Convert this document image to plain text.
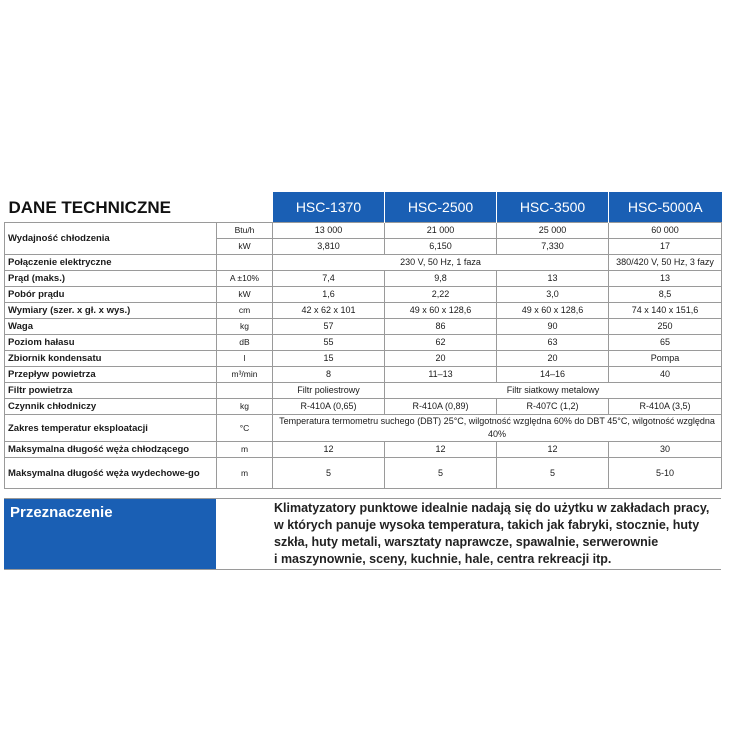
DANE TECHNICZNE		HSC-1370	HSC-2500	HSC-3500	HSC-5000A
Wydajność chłodzenia	Btu/h	13 000	21 000	25 000	60 000
	kW	3,810	6,150	7,330	17
Połączenie elektryczne		230 V, 50 Hz, 1 faza			380/420 V, 50 Hz, 3 fazy
Prąd (maks.)	A ±10%	7,4	9,8	13	13
Pobór prądu	kW	1,6	2,22	3,0	8,5
Wymiary (szer. x gł. x wys.)	cm	42 x 62 x 101	49 x 60 x 128,6	49 x 60 x 128,6	74 x 140 x 151,6
Waga	kg	57	86	90	250
Poziom hałasu	dB	55	62	63	65
Zbiornik kondensatu	l	15	20	20	Pompa
Przepływ powietrza	m³/min	8	11–13	14–16	40
Filtr powietrza		Filtr poliestrowy	Filtr siatkowy metalowy		
Czynnik chłodniczy	kg	R-410A (0,65)	R-410A (0,89)	R-407C (1,2)	R-410A (3,5)
Zakres temperatur eksploatacji	°C	Temperatura termometru suchego (DBT) 25°C, wilgotność względna 60% do DBT 45°C, wilgotność względna 40%			
Maksymalna długość węża chłodzącego	m	12	12	12	30
Maksymalna długość węża wydechowe-go	m	5	5	5	5-10
Przeznaczenie	Klimatyzatory punktowe idealnie nadają się do użytku w zakładach pracy,
w których panuje wysoka temperatura, takich jak fabryki, stocznie, huty
szkła, huty metali, warsztaty naprawcze, spawalnie, serwerownie
i maszynownie, sceny, kuchnie, hale, centra rekreacji itp.
